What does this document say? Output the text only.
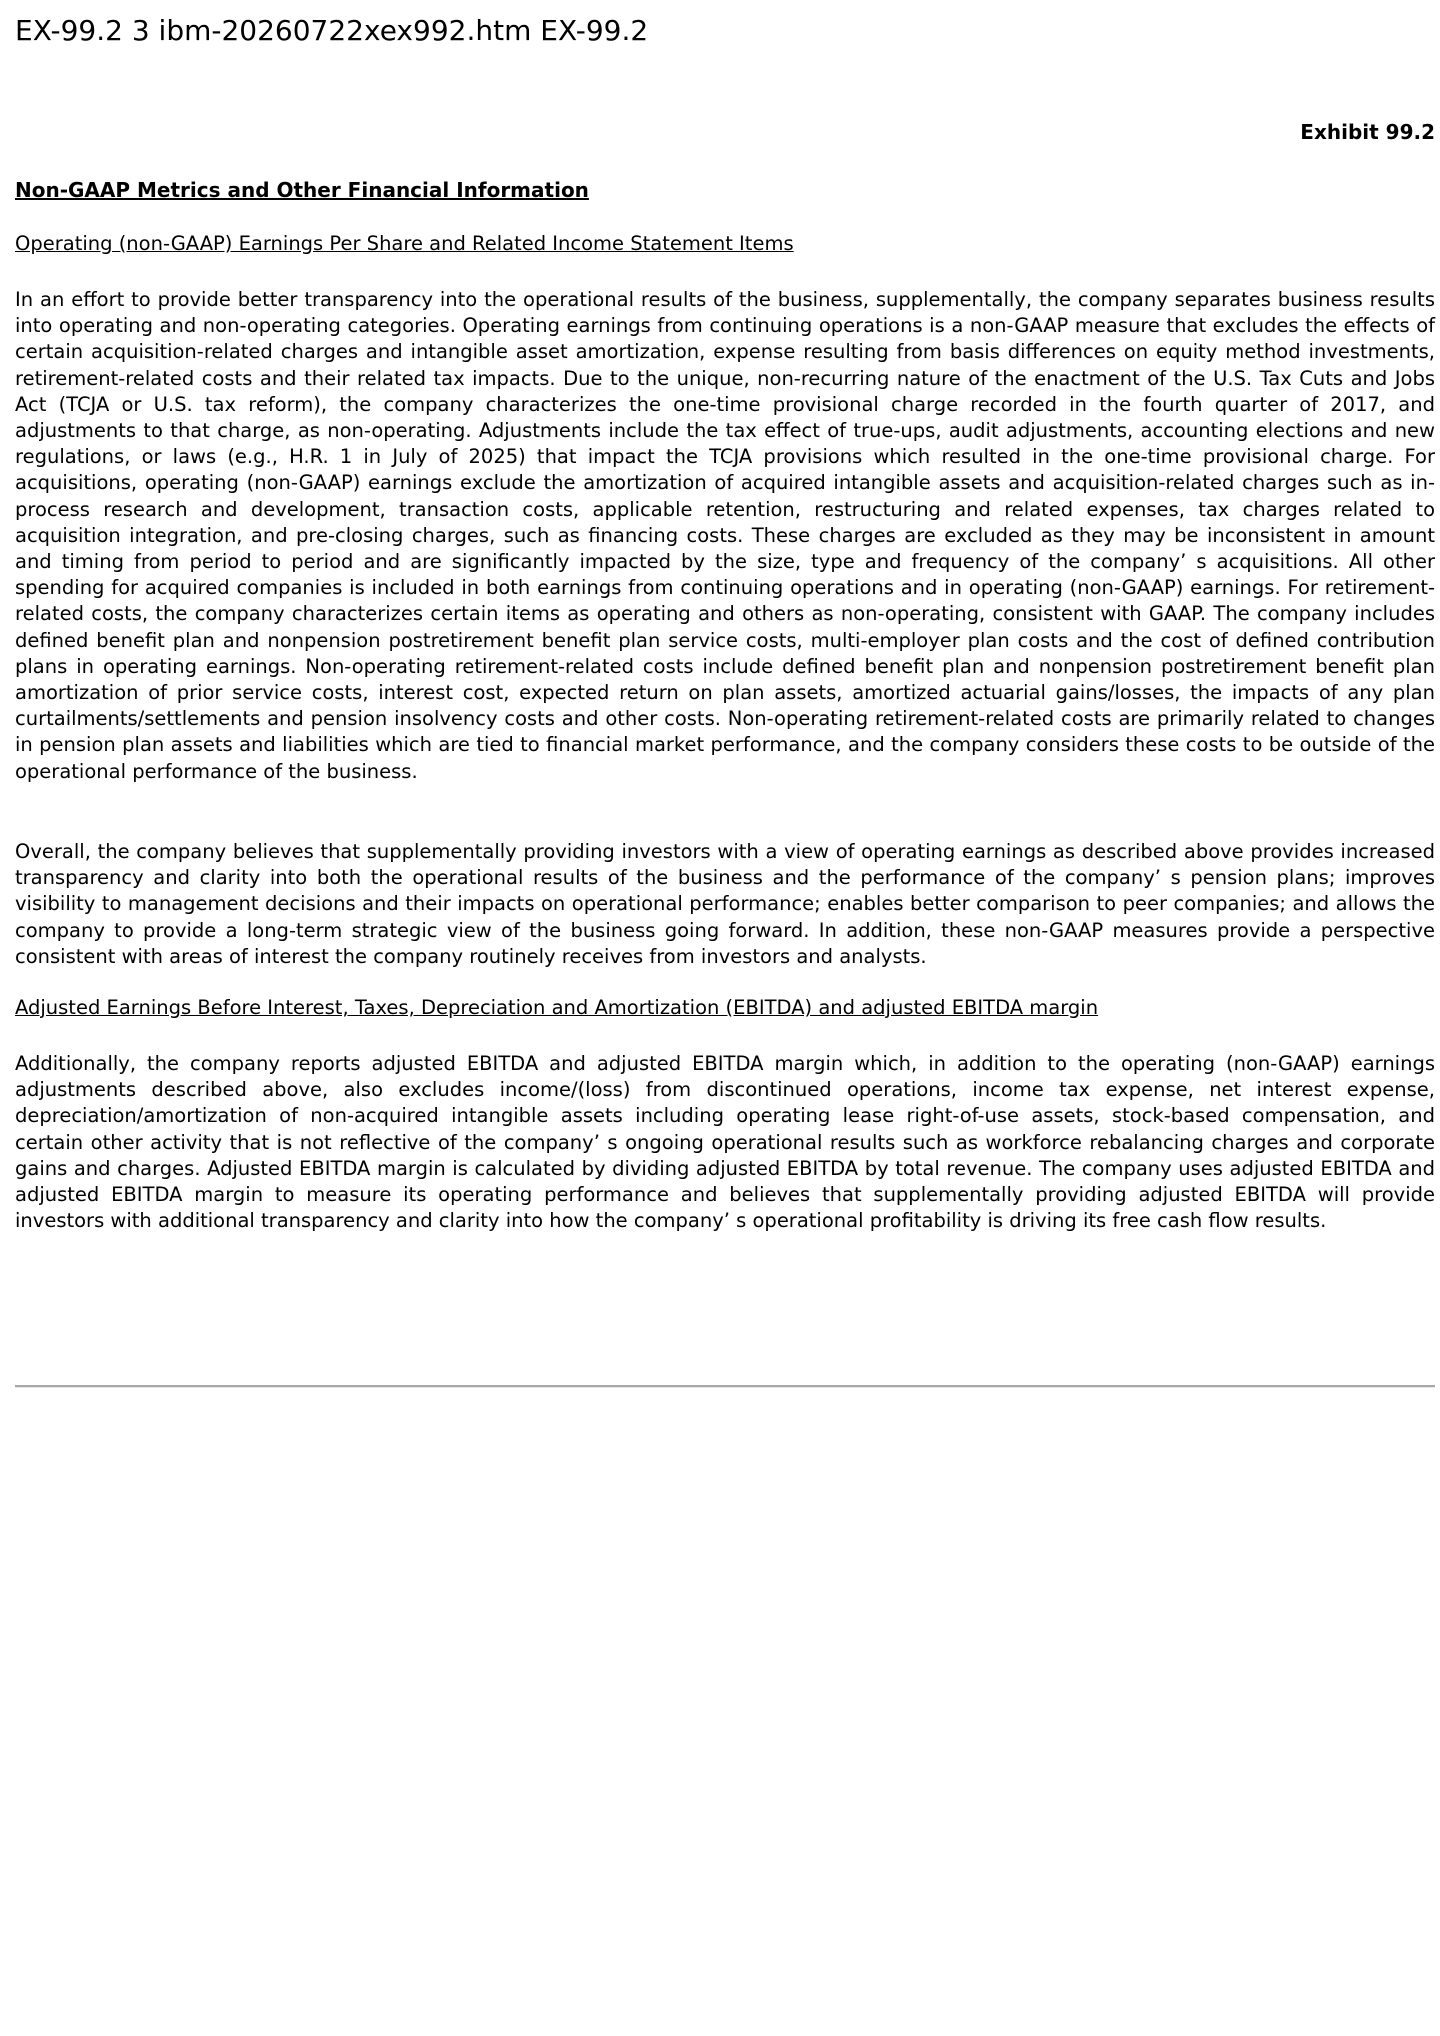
EX-99.2 3 ibm-20260722xex992.htm EX-99.2
Exhibit 99.2
Non-GAAP Metrics and Other Financial Information
Operating (non-GAAP) Earnings Per Share and Related Income Statement Items

In an effort to provide better transparency into the operational results of the business, supplementally, the company separates business results into operating and non-operating categories. Operating earnings from continuing operations is a non-GAAP measure that excludes the effects of certain acquisition-related charges and intangible asset amortization, expense resulting from basis differences on equity method investments, retirement-related costs and their related tax impacts. Due to the unique, non-recurring nature of the enactment of the U.S. Tax Cuts and Jobs Act (TCJA or U.S. tax reform), the company characterizes the one-time provisional charge recorded in the fourth quarter of 2017, and adjustments to that charge, as non-operating. Adjustments include the tax effect of true-ups, audit adjustments, accounting elections and new regulations, or laws (e.g., H.R. 1 in July of 2025) that impact the TCJA provisions which resulted in the one-time provisional charge. For acquisitions, operating (non-GAAP) earnings exclude the amortization of acquired intangible assets and acquisition-related charges such as in-process research and development, transaction costs, applicable retention, restructuring and related expenses, tax charges related to acquisition integration, and pre-closing charges, such as financing costs. These charges are excluded as they may be inconsistent in amount and timing from period to period and are significantly impacted by the size, type and frequency of the company’ s acquisitions. All other spending for acquired companies is included in both earnings from continuing operations and in operating (non-GAAP) earnings. For retirement-related costs, the company characterizes certain items as operating and others as non-operating, consistent with GAAP. The company includes defined benefit plan and nonpension postretirement benefit plan service costs, multi-employer plan costs and the cost of defined contribution plans in operating earnings. Non-operating retirement-related costs include defined benefit plan and nonpension postretirement benefit plan amortization of prior service costs, interest cost, expected return on plan assets, amortized actuarial gains/losses, the impacts of any plan curtailments/settlements and pension insolvency costs and other costs. Non-operating retirement-related costs are primarily related to changes in pension plan assets and liabilities which are tied to financial market performance, and the company considers these costs to be outside of the operational performance of the business.

Overall, the company believes that supplementally providing investors with a view of operating earnings as described above provides increased transparency and clarity into both the operational results of the business and the performance of the company’ s pension plans; improves visibility to management decisions and their impacts on operational performance; enables better comparison to peer companies; and allows the company to provide a long-term strategic view of the business going forward. In addition, these non-GAAP measures provide a perspective consistent with areas of interest the company routinely receives from investors and analysts.

Adjusted Earnings Before Interest, Taxes, Depreciation and Amortization (EBITDA) and adjusted EBITDA margin

Additionally, the company reports adjusted EBITDA and adjusted EBITDA margin which, in addition to the operating (non-GAAP) earnings adjustments described above, also excludes income/(loss) from discontinued operations, income tax expense, net interest expense, depreciation/amortization of non-acquired intangible assets including operating lease right-of-use assets, stock-based compensation, and certain other activity that is not reflective of the company’ s ongoing operational results such as workforce rebalancing charges and corporate gains and charges. Adjusted EBITDA margin is calculated by dividing adjusted EBITDA by total revenue. The company uses adjusted EBITDA and adjusted EBITDA margin to measure its operating performance and believes that supplementally providing adjusted EBITDA will provide investors with additional transparency and clarity into how the company’ s operational profitability is driving its free cash flow results.
